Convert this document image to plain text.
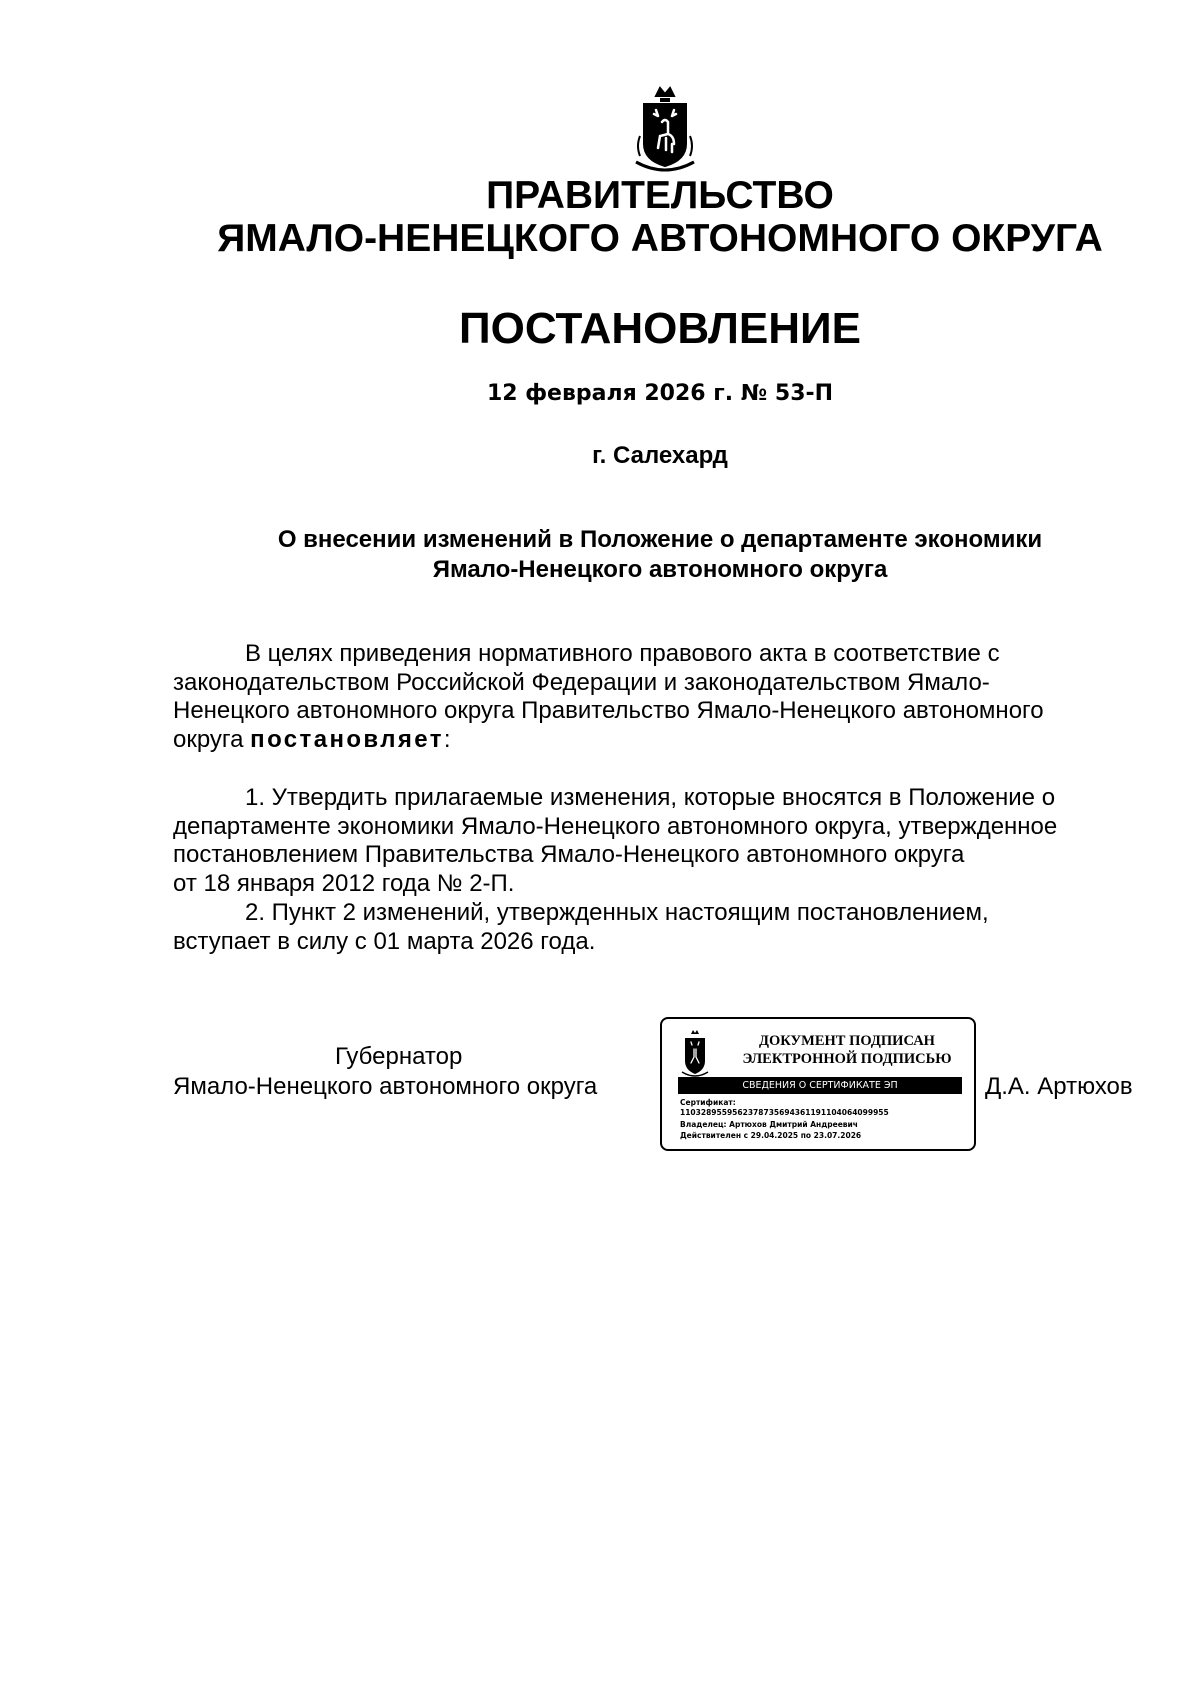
ПРАВИТЕЛЬСТВО
ЯМАЛО-НЕНЕЦКОГО АВТОНОМНОГО ОКРУГА
ПОСТАНОВЛЕНИЕ
12 февраля 2026 г. № 53-П
г. Салехард
О внесении изменений в Положение о департаменте экономики
Ямало-Ненецкого автономного округа
В целях приведения нормативного правового акта в соответствие с
законодательством Российской Федерации и законодательством Ямало-
Ненецкого автономного округа Правительство Ямало-Ненецкого автономного
округа постановляет:
1. Утвердить прилагаемые изменения, которые вносятся в Положение о
департаменте экономики Ямало-Ненецкого автономного округа, утвержденное
постановлением Правительства Ямало-Ненецкого автономного округа
от 18 января 2012 года № 2-П.
2. Пункт 2 изменений, утвержденных настоящим постановлением,
вступает в силу с 01 марта 2026 года.
Губернатор
Ямало-Ненецкого автономного округа
ДОКУМЕНТ ПОДПИСАН
ЭЛЕКТРОННОЙ ПОДПИСЬЮ
СВЕДЕНИЯ О СЕРТИФИКАТЕ ЭП
Сертификат:
1103289559562378735694361191104064099955
Владелец: Артюхов Дмитрий Андреевич
Действителен с 29.04.2025 по 23.07.2026
Д.А. Артюхов
